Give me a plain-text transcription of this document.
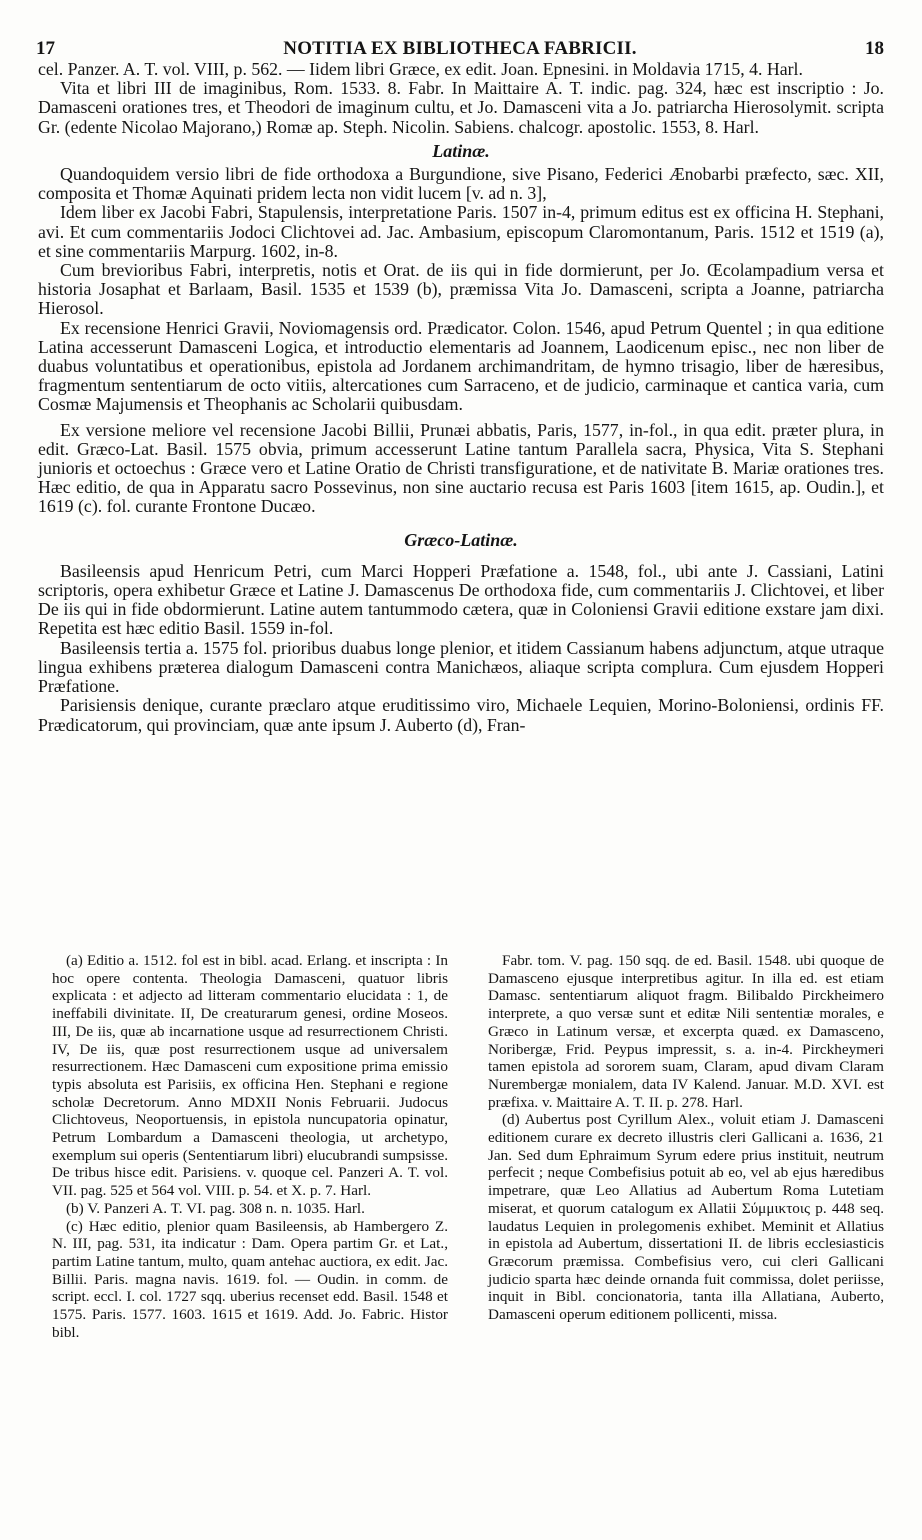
17	NOTITIA EX BIBLIOTHECA FABRICII.	18

cel. Panzer. A. T. vol. VIII, p. 562. — Iidem libri Græce, ex edit. Joan. Epnesini. in Moldavia 1715, 4. Harl.

Vita et libri III de imaginibus, Rom. 1533. 8. Fabr. In Maittaire A. T. indic. pag. 324, hæc est inscriptio : Jo. Damasceni orationes tres, et Theodori de imaginum cultu, et Jo. Damasceni vita a Jo. patriarcha Hierosolymit. scripta Gr. (edente Nicolao Majorano,) Romæ ap. Steph. Nicolin. Sabiens. chalcogr. apostolic. 1553, 8. Harl.

Latinæ.

Quandoquidem versio libri de fide orthodoxa a Burgundione, sive Pisano, Federici Ænobarbi præfecto, sæc. XII, composita et Thomæ Aquinati pridem lecta non vidit lucem [v. ad n. 3],

Idem liber ex Jacobi Fabri, Stapulensis, interpretatione Paris. 1507 in-4, primum editus est ex officina H. Stephani, avi. Et cum commentariis Jodoci Clichtovei ad. Jac. Ambasium, episcopum Claromontanum, Paris. 1512 et 1519 (a), et sine commentariis Marpurg. 1602, in-8.

Cum brevioribus Fabri, interpretis, notis et Orat. de iis qui in fide dormierunt, per Jo. Œcolampadium versa et historia Josaphat et Barlaam, Basil. 1535 et 1539 (b), præmissa Vita Jo. Damasceni, scripta a Joanne, patriarcha Hierosol.

Ex recensione Henrici Gravii, Noviomagensis ord. Prædicator. Colon. 1546, apud Petrum Quentel ; in qua editione Latina accesserunt Damasceni Logica, et introductio elementaris ad Joannem, Laodicenum episc., nec non liber de duabus voluntatibus et operationibus, epistola ad Jordanem archimandritam, de hymno trisagio, liber de hæresibus, fragmentum sententiarum de octo vitiis, altercationes cum Sarraceno, et de judicio, carminaque et cantica varia, cum Cosmæ Majumensis et Theophanis ac Scholarii quibusdam.

Ex versione meliore vel recensione Jacobi Billii, Prunæi abbatis, Paris, 1577, in-fol., in qua edit. præter plura, in edit. Græco-Lat. Basil. 1575 obvia, primum accesserunt Latine tantum Parallela sacra, Physica, Vita S. Stephani junioris et octoechus : Græce vero et Latine Oratio de Christi transfiguratione, et de nativitate B. Mariæ orationes tres. Hæc editio, de qua in Apparatu sacro Possevinus, non sine auctario recusa est Paris 1603 [item 1615, ap. Oudin.], et 1619 (c). fol. curante Frontone Ducæo.

Græco-Latinæ.

Basileensis apud Henricum Petri, cum Marci Hopperi Præfatione a. 1548, fol., ubi ante J. Cassiani, Latini scriptoris, opera exhibetur Græce et Latine J. Damascenus De orthodoxa fide, cum commentariis J. Clichtovei, et liber De iis qui in fide obdormierunt. Latine autem tantummodo cætera, quæ in Coloniensi Gravii editione exstare jam dixi. Repetita est hæc editio Basil. 1559 in-fol.

Basileensis tertia a. 1575 fol. prioribus duabus longe plenior, et itidem Cassianum habens adjunctum, atque utraque lingua exhibens præterea dialogum Damasceni contra Manichæos, aliaque scripta complura. Cum ejusdem Hopperi Præfatione.

Parisiensis denique, curante præclaro atque eruditissimo viro, Michaele Lequien, Morino-Boloniensi, ordinis FF. Prædicatorum, qui provinciam, quæ ante ipsum J. Auberto (d), Fran-

(a) Editio a. 1512. fol est in bibl. acad. Erlang. et inscripta : In hoc opere contenta. Theologia Damasceni, quatuor libris explicata : et adjecto ad litteram commentario elucidata : 1, de ineffabili divinitate. II, De creaturarum genesi, ordine Moseos. III, De iis, quæ ab incarnatione usque ad resurrectionem Christi. IV, De iis, quæ post resurrectionem usque ad universalem resurrectionem. Hæc Damasceni cum expositione prima emissio typis absoluta est Parisiis, ex officina Hen. Stephani e regione scholæ Decretorum. Anno MDXII Nonis Februarii. Judocus Clichtoveus, Neoportuensis, in epistola nuncupatoria opinatur, Petrum Lombardum a Damasceni theologia, ut archetypo, exemplum sui operis (Sententiarum libri) elucubrandi sumpsisse. De tribus hisce edit. Parisiens. v. quoque cel. Panzeri A. T. vol. VII. pag. 525 et 564 vol. VIII. p. 54. et X. p. 7. Harl.

(b) V. Panzeri A. T. VI. pag. 308 n. n. 1035. Harl.

(c) Hæc editio, plenior quam Basileensis, ab Hambergero Z. N. III, pag. 531, ita indicatur : Dam. Opera partim Gr. et Lat., partim Latine tantum, multo, quam antehac auctiora, ex edit. Jac. Billii. Paris. magna navis. 1619. fol. — Oudin. in comm. de script. eccl. I. col. 1727 sqq. uberius recenset edd. Basil. 1548 et 1575. Paris. 1577. 1603. 1615 et 1619. Add. Jo. Fabric. Histor bibl.

Fabr. tom. V. pag. 150 sqq. de ed. Basil. 1548. ubi quoque de Damasceno ejusque interpretibus agitur. In illa ed. est etiam Damasc. sententiarum aliquot fragm. Bilibaldo Pirckheimero interprete, a quo versæ sunt et editæ Nili sententiæ morales, e Græco in Latinum versæ, et excerpta quæd. ex Damasceno, Noribergæ, Frid. Peypus impressit, s. a. in-4. Pirckheymeri tamen epistola ad sororem suam, Claram, apud divam Claram Nurembergæ monialem, data IV Kalend. Januar. M.D. XVI. est præfixa. v. Maittaire A. T. II. p. 278. Harl.

(d) Aubertus post Cyrillum Alex., voluit etiam J. Damasceni editionem curare ex decreto illustris cleri Gallicani a. 1636, 21 Jan. Sed dum Ephraimum Syrum edere prius instituit, neutrum perfecit ; neque Combefisius potuit ab eo, vel ab ejus hæredibus impetrare, quæ Leo Allatius ad Aubertum Roma Lutetiam miserat, et quorum catalogum ex Allatii Σύμμικτοις p. 448 seq. laudatus Lequien in prolegomenis exhibet. Meminit et Allatius in epistola ad Aubertum, dissertationi II. de libris ecclesiasticis Græcorum præmissa. Combefisius vero, cui cleri Gallicani judicio sparta hæc deinde ornanda fuit commissa, dolet periisse, inquit in Bibl. concionatoria, tanta illa Allatiana, Auberto, Damasceni operum editionem pollicenti, missa.
